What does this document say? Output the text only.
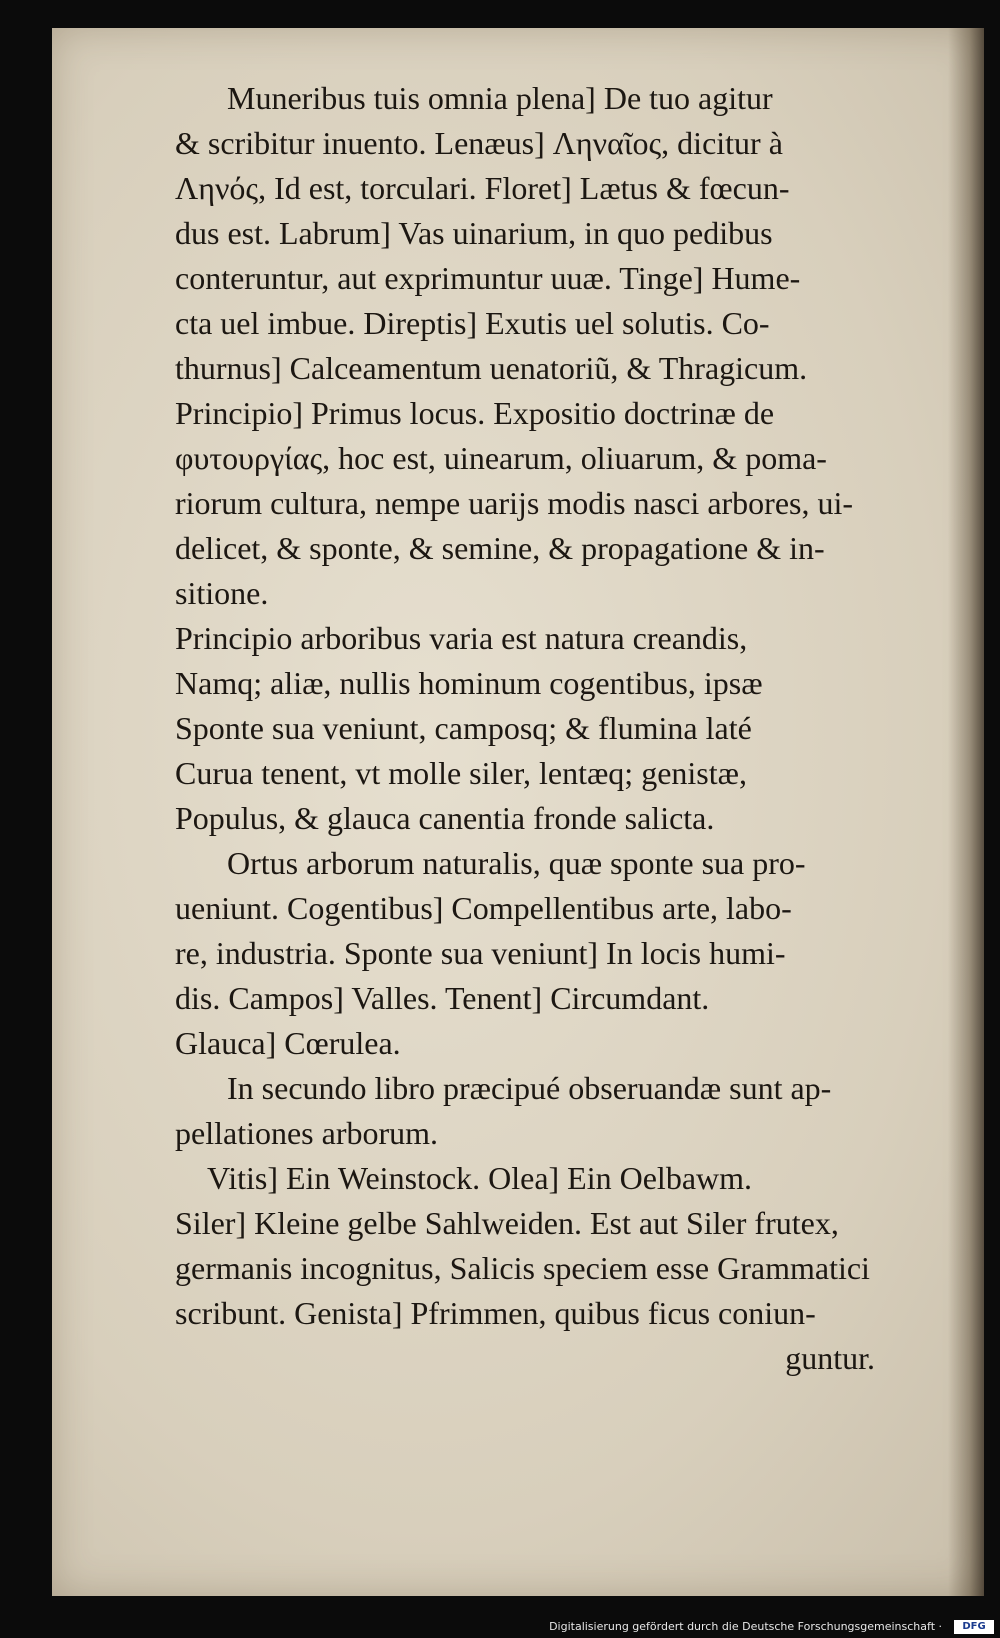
Muneribus tuis omnia plena] De tuo agitur
& scribitur inuento. Lenæus] Ληναῖος, dicitur à
Ληνός, Id est, torculari. Floret] Lætus & fœcun-
dus est. Labrum] Vas uinarium, in quo pedibus
conteruntur, aut exprimuntur uuæ. Tinge] Hume-
cta uel imbue. Direptis] Exutis uel solutis. Co-
thurnus] Calceamentum uenatoriũ, & Thragicum.
Principio] Primus locus. Expositio doctrinæ de
φυτουργίας, hoc est, uinearum, oliuarum, & poma-
riorum cultura, nempe uarijs modis nasci arbores, ui-
delicet, & sponte, & semine, & propagatione & in-
sitione.
Principio arboribus varia est natura creandis,
Namq; aliæ, nullis hominum cogentibus, ipsæ
Sponte sua veniunt, camposq; & flumina laté
Curua tenent, vt molle siler, lentæq; genistæ,
Populus, & glauca canentia fronde salicta.
Ortus arborum naturalis, quæ sponte sua pro-
ueniunt. Cogentibus] Compellentibus arte, labo-
re, industria. Sponte sua veniunt] In locis humi-
dis. Campos] Valles. Tenent] Circumdant.
Glauca] Cœrulea.
In secundo libro præcipué obseruandæ sunt ap-
pellationes arborum.
Vitis] Ein Weinstock. Olea] Ein Oelbawm.
Siler] Kleine gelbe Sahlweiden. Est aut Siler frutex,
germanis incognitus, Salicis speciem esse Grammatici
scribunt. Genista] Pfrimmen, quibus ficus coniun-
guntur.
Digitalisierung gefördert durch die Deutsche Forschungsgemeinschaft ·	DFG
